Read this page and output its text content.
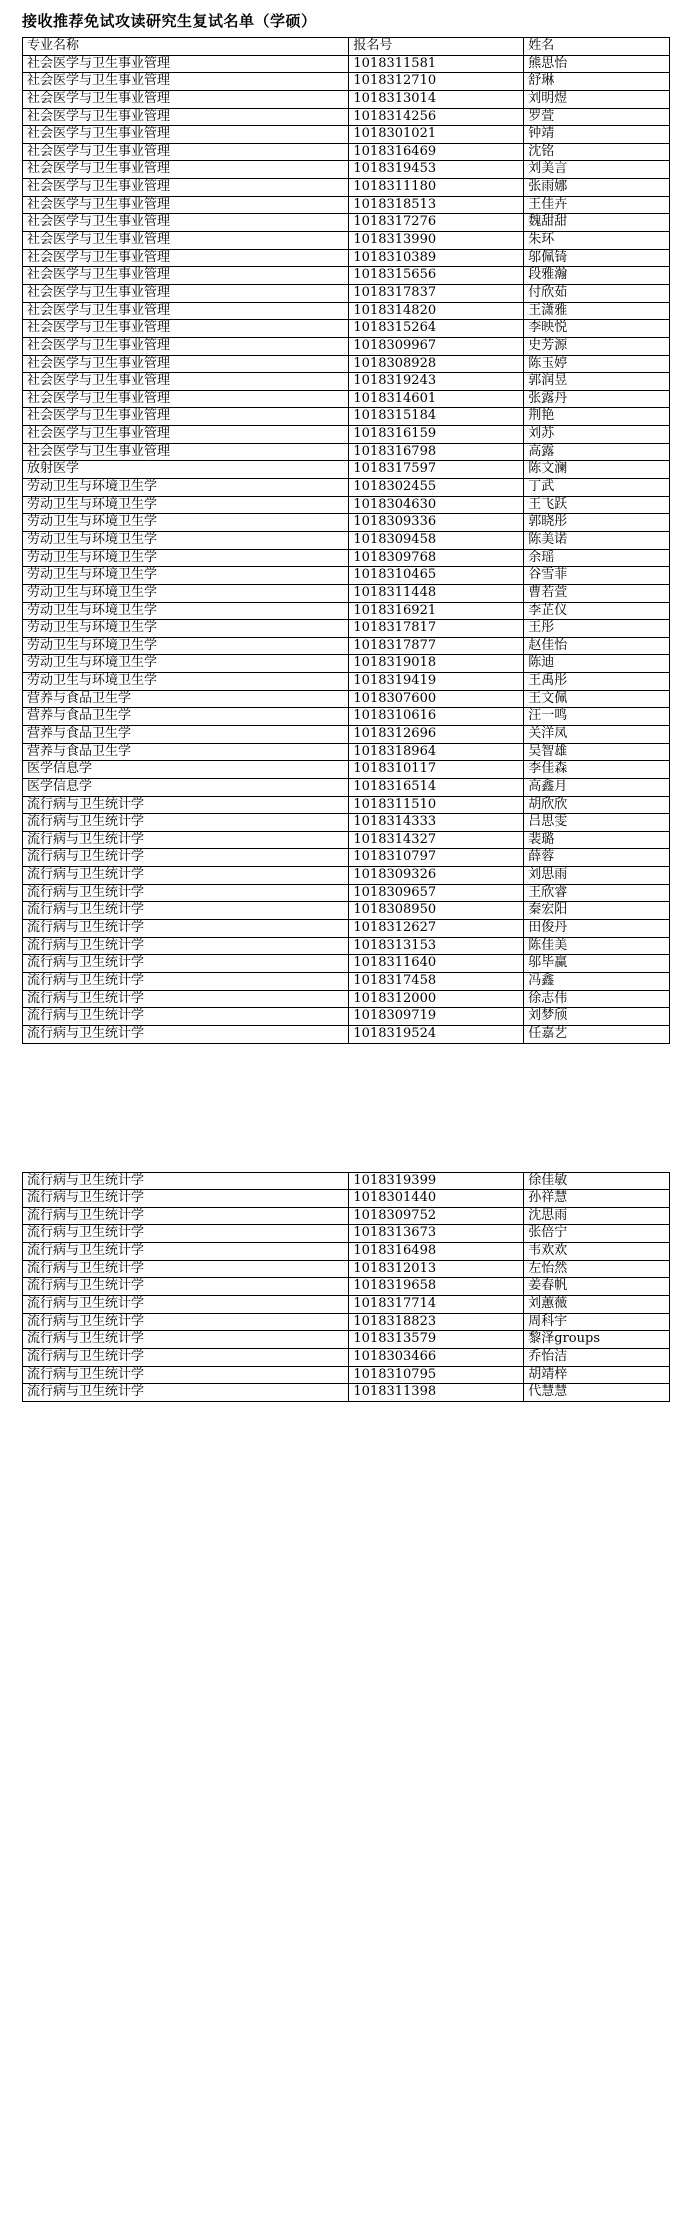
接收推荐免试攻读研究生复试名单（学硕）
专业名称	报名号	姓名
社会医学与卫生事业管理	1018311581	熊思怡
社会医学与卫生事业管理	1018312710	舒琳
社会医学与卫生事业管理	1018313014	刘明煜
社会医学与卫生事业管理	1018314256	罗萱
社会医学与卫生事业管理	1018301021	钟靖
社会医学与卫生事业管理	1018316469	沈铭
社会医学与卫生事业管理	1018319453	刘美言
社会医学与卫生事业管理	1018311180	张雨娜
社会医学与卫生事业管理	1018318513	王佳卉
社会医学与卫生事业管理	1018317276	魏甜甜
社会医学与卫生事业管理	1018313990	朱环
社会医学与卫生事业管理	1018310389	邬佩锜
社会医学与卫生事业管理	1018315656	段雅瀚
社会医学与卫生事业管理	1018317837	付欣茹
社会医学与卫生事业管理	1018314820	王潇雅
社会医学与卫生事业管理	1018315264	李映悦
社会医学与卫生事业管理	1018309967	史芳源
社会医学与卫生事业管理	1018308928	陈玉婷
社会医学与卫生事业管理	1018319243	郭润昱
社会医学与卫生事业管理	1018314601	张露丹
社会医学与卫生事业管理	1018315184	荆艳
社会医学与卫生事业管理	1018316159	刘苏
社会医学与卫生事业管理	1018316798	高露
放射医学	1018317597	陈文澜
劳动卫生与环境卫生学	1018302455	丁武
劳动卫生与环境卫生学	1018304630	王飞跃
劳动卫生与环境卫生学	1018309336	郭晓彤
劳动卫生与环境卫生学	1018309458	陈美诺
劳动卫生与环境卫生学	1018309768	余瑶
劳动卫生与环境卫生学	1018310465	谷雪菲
劳动卫生与环境卫生学	1018311448	曹若萱
劳动卫生与环境卫生学	1018316921	李芷仪
劳动卫生与环境卫生学	1018317817	王彤
劳动卫生与环境卫生学	1018317877	赵佳怡
劳动卫生与环境卫生学	1018319018	陈迪
劳动卫生与环境卫生学	1018319419	王禹彤
营养与食品卫生学	1018307600	王文佩
营养与食品卫生学	1018310616	汪一鸣
营养与食品卫生学	1018312696	关洋凤
营养与食品卫生学	1018318964	吴智雄
医学信息学	1018310117	李佳森
医学信息学	1018316514	高鑫月
流行病与卫生统计学	1018311510	胡欣欣
流行病与卫生统计学	1018314333	吕思雯
流行病与卫生统计学	1018314327	裴璐
流行病与卫生统计学	1018310797	薛蓉
流行病与卫生统计学	1018309326	刘思雨
流行病与卫生统计学	1018309657	王欣睿
流行病与卫生统计学	1018308950	秦宏阳
流行病与卫生统计学	1018312627	田俊丹
流行病与卫生统计学	1018313153	陈佳美
流行病与卫生统计学	1018311640	邬毕赢
流行病与卫生统计学	1018317458	冯鑫
流行病与卫生统计学	1018312000	徐志伟
流行病与卫生统计学	1018309719	刘梦颀
流行病与卫生统计学	1018319524	任嘉艺
流行病与卫生统计学	1018319399	徐佳敏
流行病与卫生统计学	1018301440	孙祥慧
流行病与卫生统计学	1018309752	沈思雨
流行病与卫生统计学	1018313673	张倍宁
流行病与卫生统计学	1018316498	韦欢欢
流行病与卫生统计学	1018312013	左怡然
流行病与卫生统计学	1018319658	姜春帆
流行病与卫生统计学	1018317714	刘蕙薇
流行病与卫生统计学	1018318823	周科宇
流行病与卫生统计学	1018313579	黎泽groups
流行病与卫生统计学	1018303466	乔怡洁
流行病与卫生统计学	1018310795	胡靖梓
流行病与卫生统计学	1018311398	代慧慧
